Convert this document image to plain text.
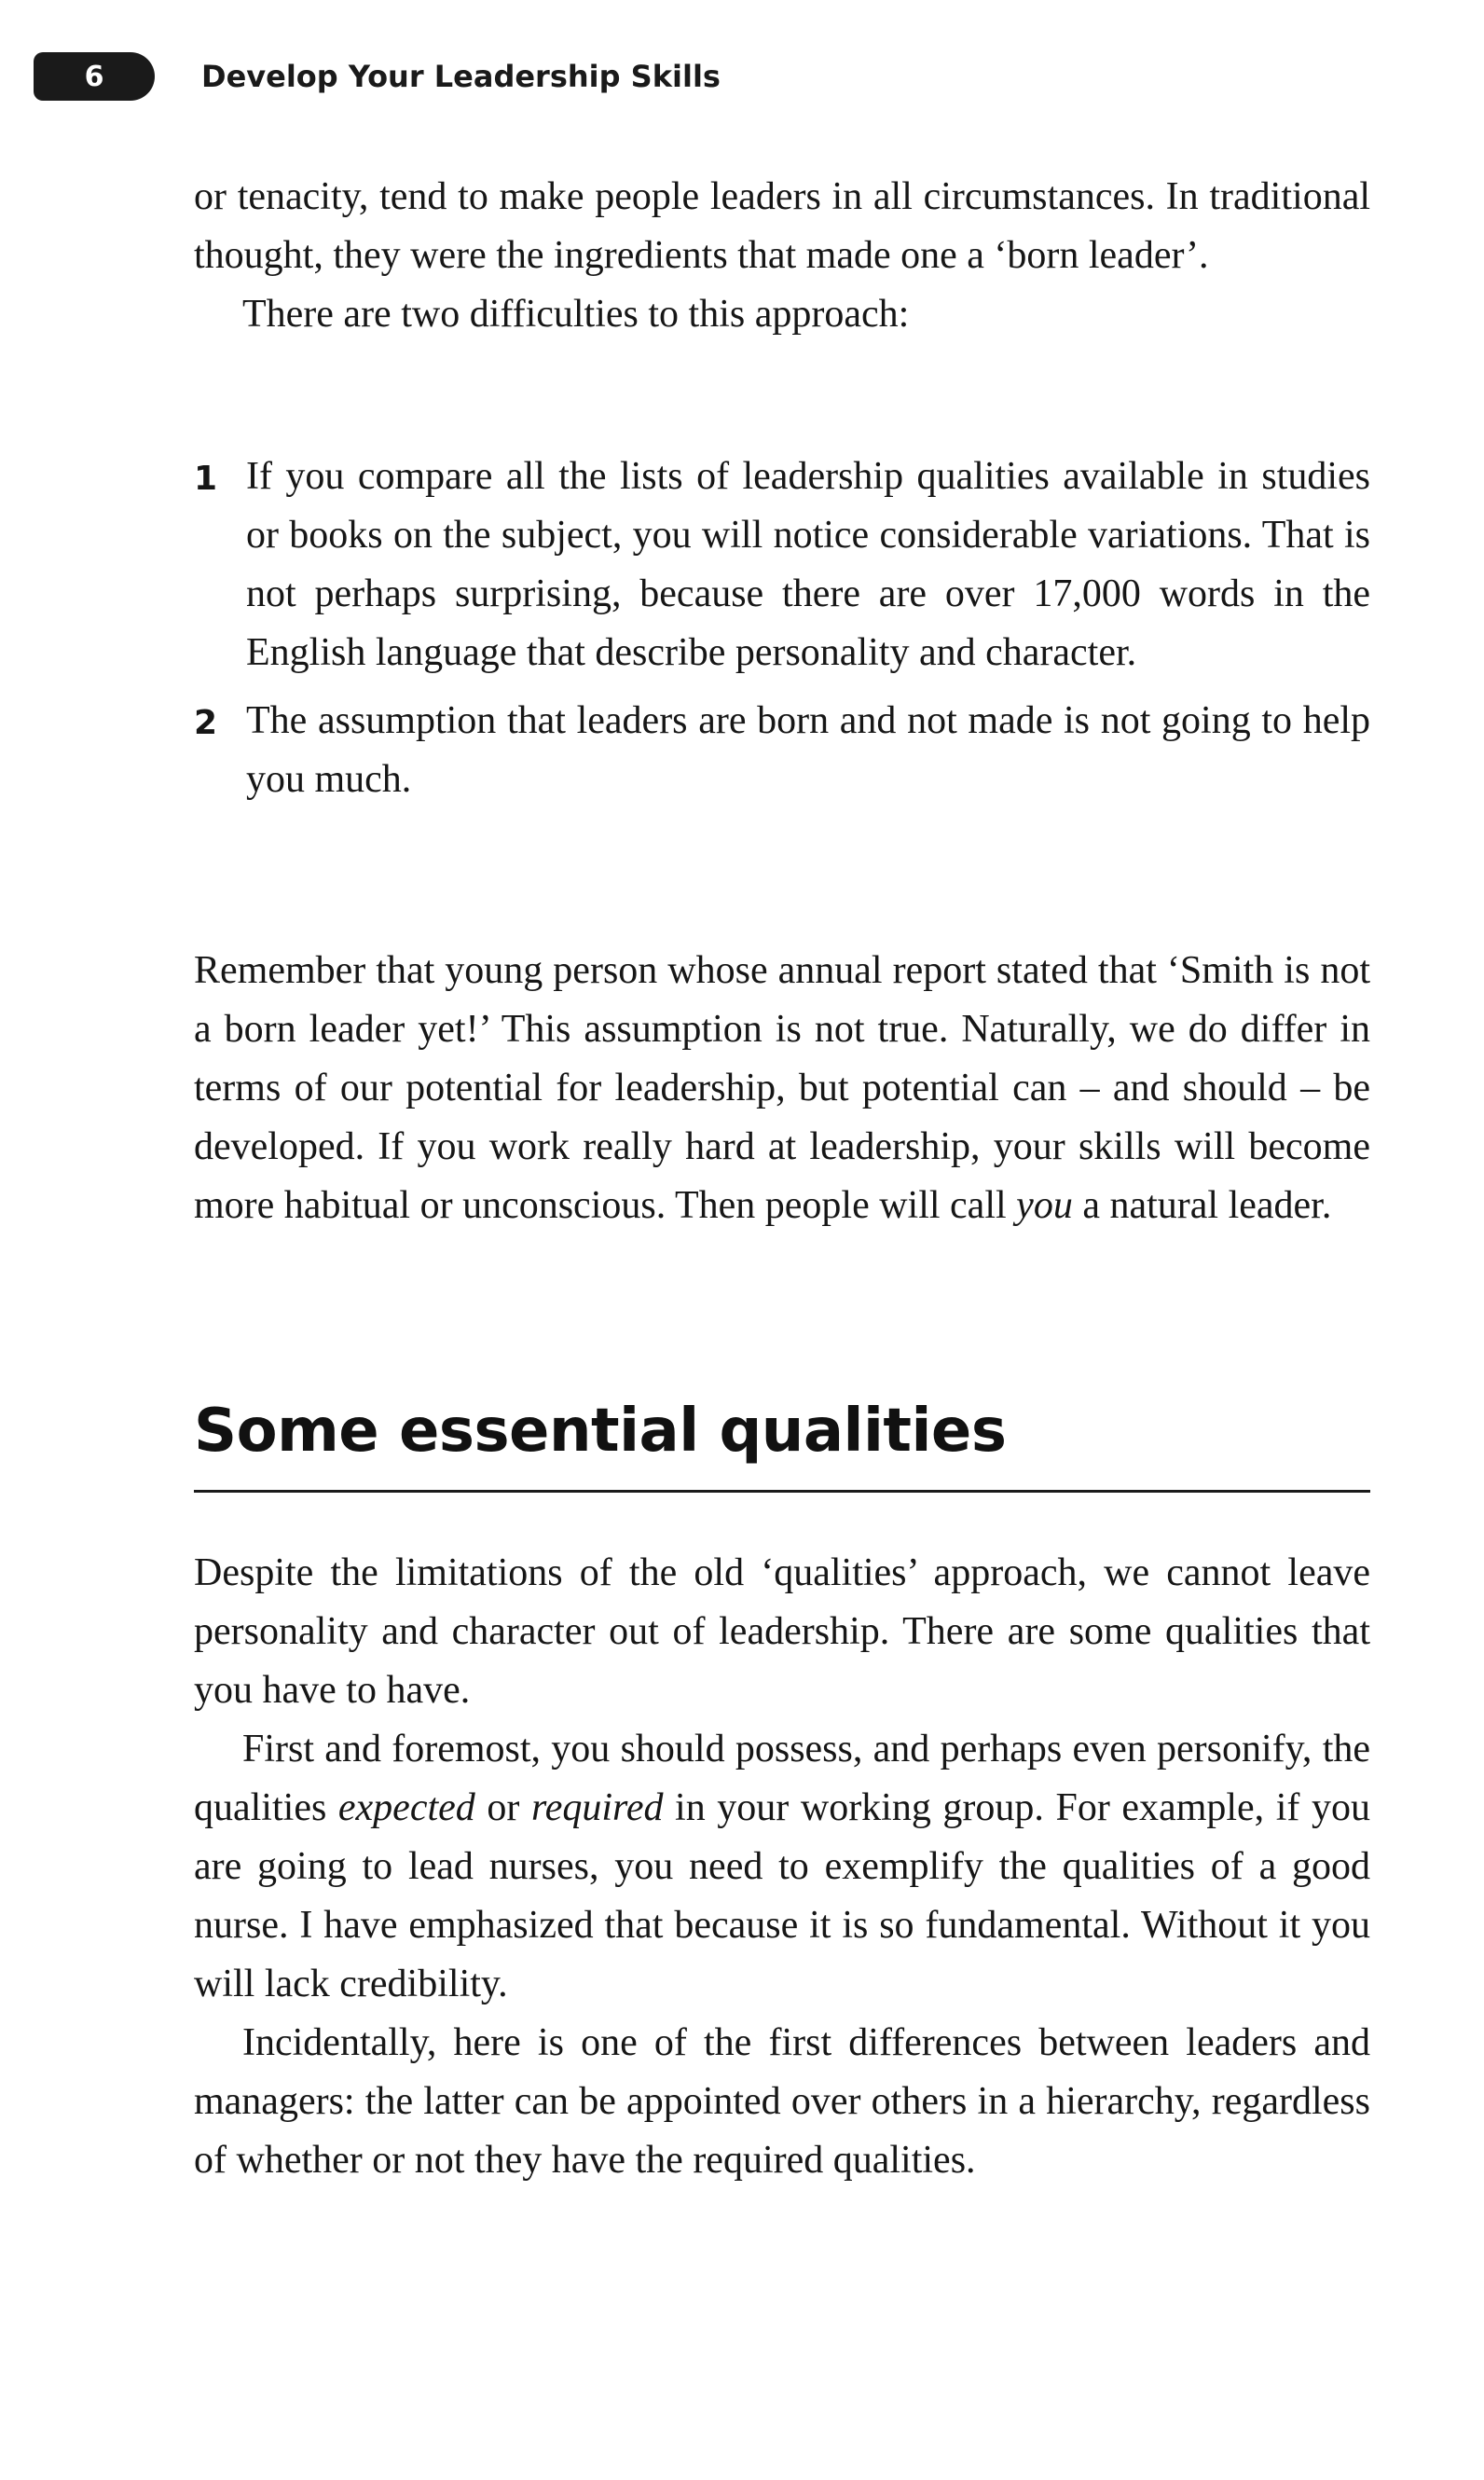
6	Develop Your Leadership Skills

or tenacity, tend to make people leaders in all circumstances. In traditional thought, they were the ingredients that made one a ‘born leader’.

There are two difficulties to this approach:

1 If you compare all the lists of leadership qualities available in studies or books on the subject, you will notice considerable variations. That is not perhaps surprising, because there are over 17,000 words in the English language that describe personality and character.
2 The assumption that leaders are born and not made is not going to help you much.

Remember that young person whose annual report stated that ‘Smith is not a born leader yet!’ This assumption is not true. Naturally, we do differ in terms of our potential for leadership, but potential can – and should – be developed. If you work really hard at leadership, your skills will become more habitual or unconscious. Then people will call you a natural leader.

Some essential qualities

Despite the limitations of the old ‘qualities’ approach, we cannot leave personality and character out of leadership. There are some qualities that you have to have.

First and foremost, you should possess, and perhaps even personify, the qualities expected or required in your working group. For example, if you are going to lead nurses, you need to exemplify the qualities of a good nurse. I have emphasized that because it is so fundamental. Without it you will lack credibility.

Incidentally, here is one of the first differences between leaders and managers: the latter can be appointed over others in a hierarchy, regardless of whether or not they have the required qualities.
